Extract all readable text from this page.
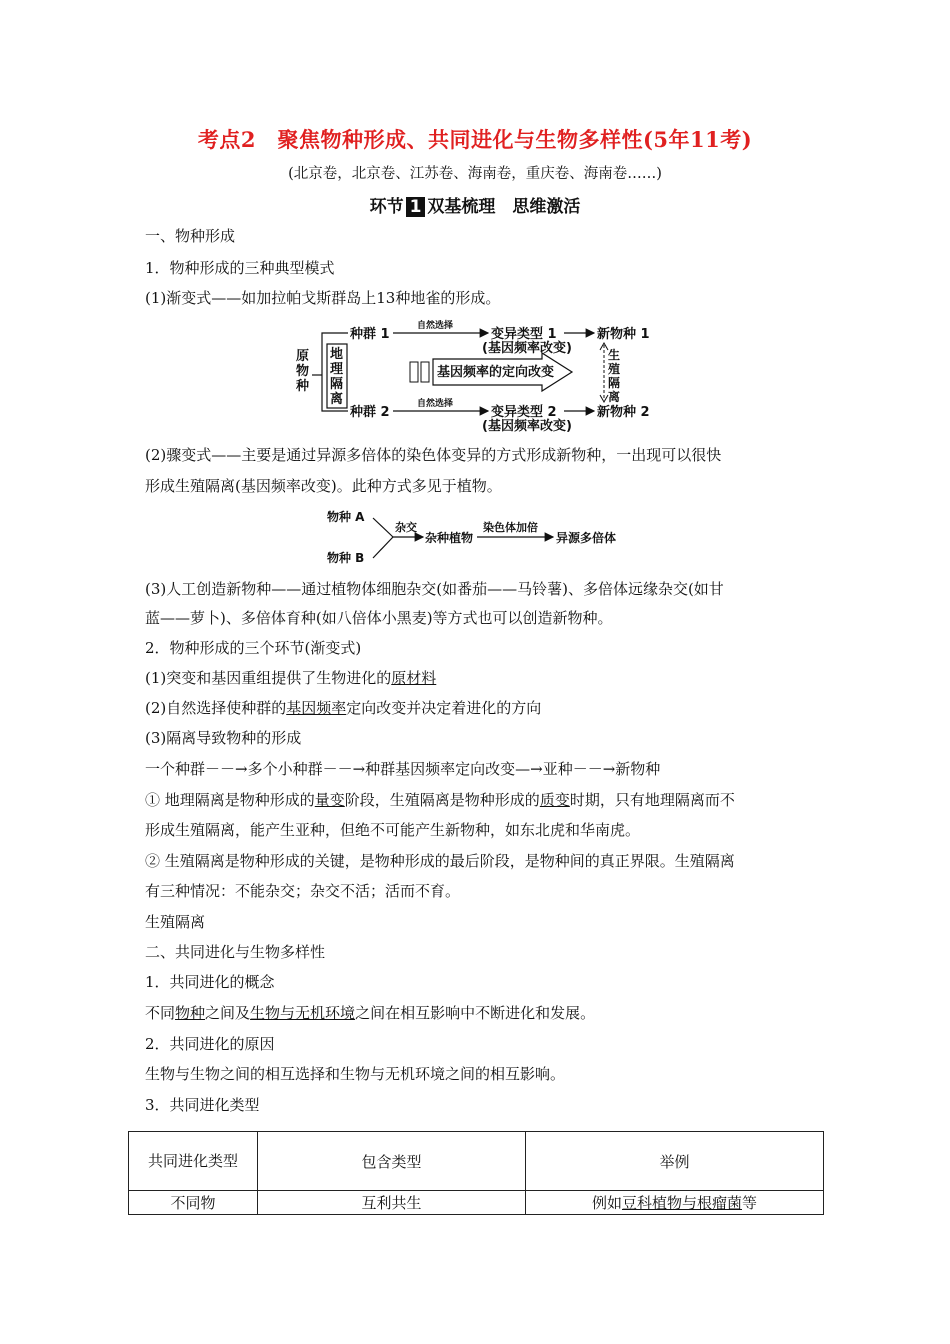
考点2　聚焦物种形成、共同进化与生物多样性(5年11考)
(北京卷，北京卷、江苏卷、海南卷，重庆卷、海南卷……)
环节 1 双基梳理　思维激活
一、物种形成
1．物种形成的三种典型模式
(1)渐变式——如加拉帕戈斯群岛上13种地雀的形成。
原
物
种
地
理
隔
离
种群 1
种群 2
自然选择
自然选择
变异类型 1
(基因频率改变)
变异类型 2
(基因频率改变)
新物种 1
新物种 2
生
殖
隔
离
基因频率的定向改变
(2)骤变式——主要是通过异源多倍体的染色体变异的方式形成新物种，一出现可以很快
形成生殖隔离(基因频率改变)。此种方式多见于植物。
物种 A
物种 B
杂交
杂种植物
染色体加倍
异源多倍体
(3)人工创造新物种——通过植物体细胞杂交(如番茄——马铃薯)、多倍体远缘杂交(如甘
蓝——萝卜)、多倍体育种(如八倍体小黑麦)等方式也可以创造新物种。
2．物种形成的三个环节(渐变式)
(1)突变和基因重组提供了生物进化的原材料
(2)自然选择使种群的基因频率定向改变并决定着进化的方向
(3)隔离导致物种的形成
一个种群－－→多个小种群－－→种群基因频率定向改变—→亚种－－→新物种
① 地理隔离是物种形成的量变阶段，生殖隔离是物种形成的质变时期，只有地理隔离而不
形成生殖隔离，能产生亚种，但绝不可能产生新物种，如东北虎和华南虎。
② 生殖隔离是物种形成的关键，是物种形成的最后阶段，是物种间的真正界限。生殖隔离
有三种情况：不能杂交；杂交不活；活而不育。
生殖隔离
二、共同进化与生物多样性
1．共同进化的概念
不同物种之间及生物与无机环境之间在相互影响中不断进化和发展。
2．共同进化的原因
生物与生物之间的相互选择和生物与无机环境之间的相互影响。
3．共同进化类型
共同进化类型	包含类型	举例
不同物	互利共生	例如豆科植物与根瘤菌等
